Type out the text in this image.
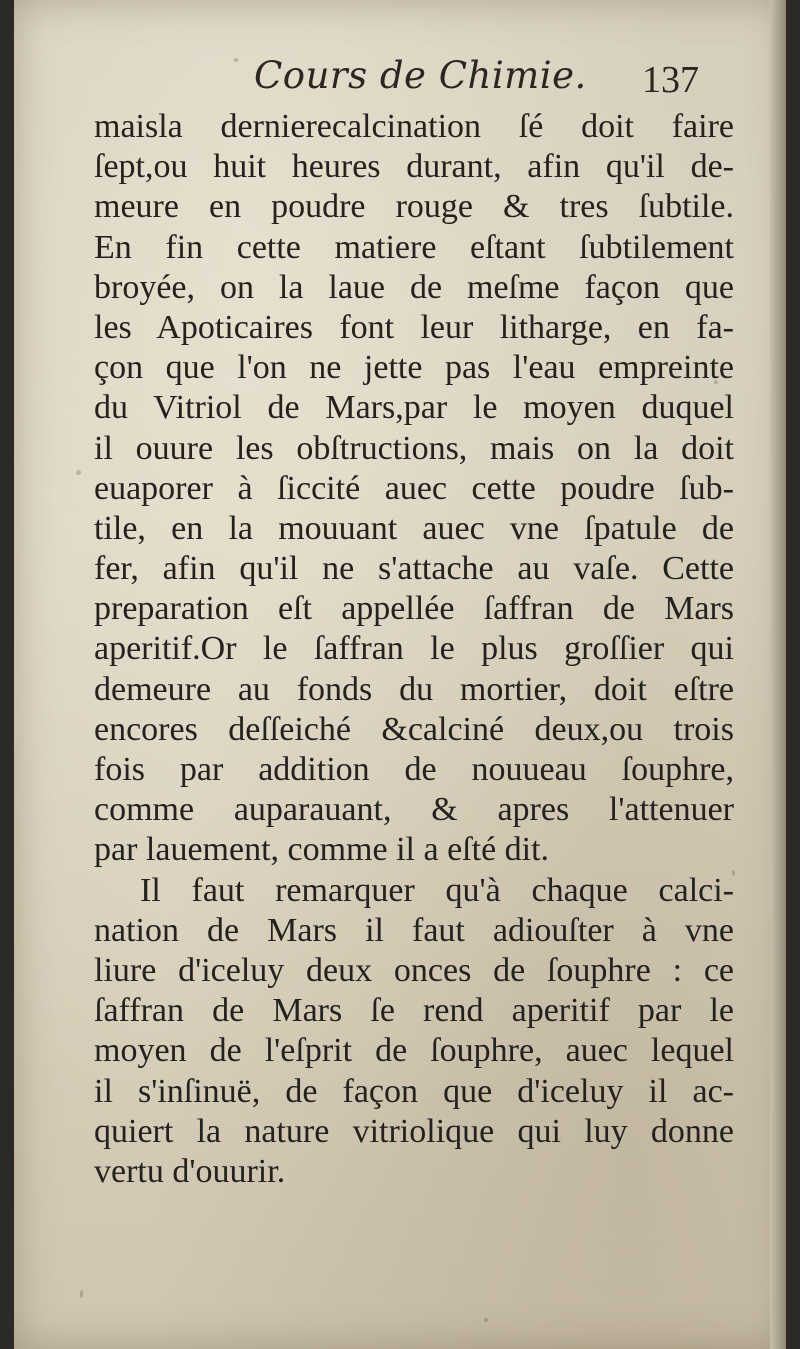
Cours de Chimie. 137
maisla dernierecalcination ſé doit faire
ſept,ou huit heures durant, afin qu'il de-
meure en poudre rouge & tres ſubtile.
En fin cette matiere eſtant ſubtilement
broyée, on la laue de meſme façon que
les Apoticaires font leur litharge, en fa-
çon que l'on ne jette pas l'eau empreinte
du Vitriol de Mars,par le moyen duquel
il ouure les obſtructions, mais on la doit
euaporer à ſiccité auec cette poudre ſub-
tile, en la mouuant auec vne ſpatule de
fer, afin qu'il ne s'attache au vaſe. Cette
preparation eſt appellée ſaffran de Mars
aperitif.Or le ſaffran le plus groſſier qui
demeure au fonds du mortier, doit eſtre
encores deſſeiché &calciné deux,ou trois
fois par addition de nouueau ſouphre,
comme auparauant, & apres l'attenuer
par lauement, comme il a eſté dit.
Il faut remarquer qu'à chaque calci-
nation de Mars il faut adiouſter à vne
liure d'iceluy deux onces de ſouphre : ce
ſaffran de Mars ſe rend aperitif par le
moyen de l'eſprit de ſouphre, auec lequel
il s'inſinuë, de façon que d'iceluy il ac-
quiert la nature vitriolique qui luy donne
vertu d'ouurir.
